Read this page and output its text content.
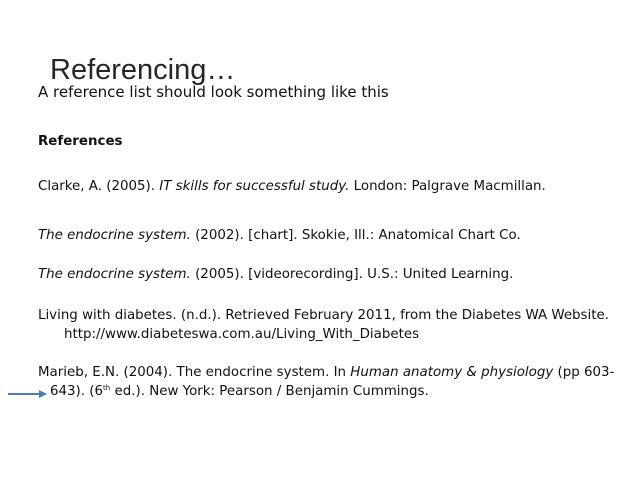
Referencing…
A reference list should look something like this
References
Clarke, A. (2005). IT skills for successful study. London: Palgrave Macmillan.
The endocrine system. (2002). [chart]. Skokie, Ill.: Anatomical Chart Co.
The endocrine system. (2005). [videorecording]. U.S.: United Learning.
Living with diabetes. (n.d.). Retrieved February 2011, from the Diabetes WA Website.
http://www.diabeteswa.com.au/Living_With_Diabetes
Marieb, E.N. (2004). The endocrine system. In Human anatomy & physiology (pp 603-
643). (6th ed.). New York: Pearson / Benjamin Cummings.
